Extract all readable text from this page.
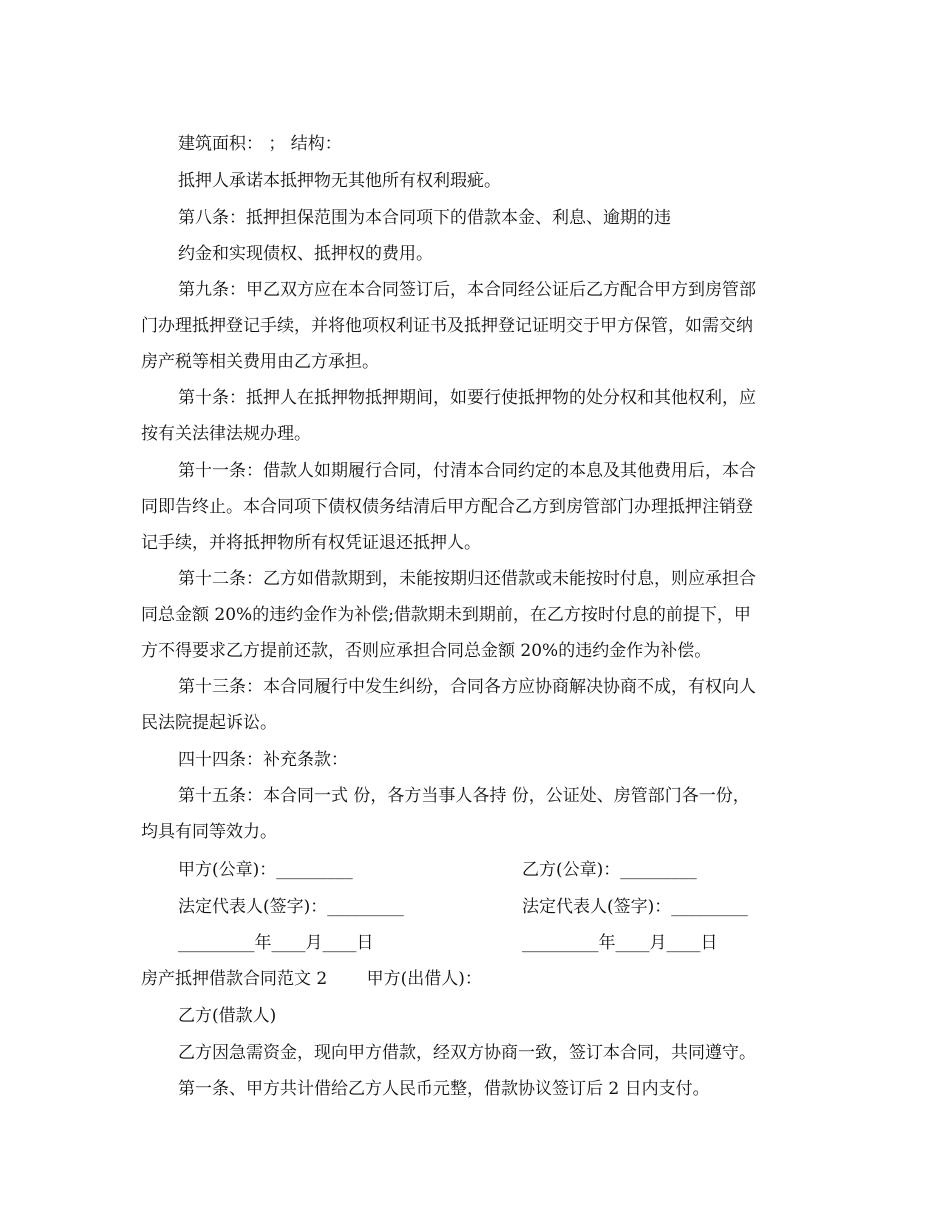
建筑面积： ； 结构：
抵押人承诺本抵押物无其他所有权利瑕疵。
第八条：抵押担保范围为本合同项下的借款本金、利息、逾期的违
约金和实现债权、抵押权的费用。
第九条：甲乙双方应在本合同签订后，本合同经公证后乙方配合甲方到房管部
门办理抵押登记手续，并将他项权利证书及抵押登记证明交于甲方保管，如需交纳
房产税等相关费用由乙方承担。
第十条：抵押人在抵押物抵押期间，如要行使抵押物的处分权和其他权利，应
按有关法律法规办理。
第十一条：借款人如期履行合同，付清本合同约定的本息及其他费用后，本合
同即告终止。本合同项下债权债务结清后甲方配合乙方到房管部门办理抵押注销登
记手续，并将抵押物所有权凭证退还抵押人。
第十二条：乙方如借款期到，未能按期归还借款或未能按时付息，则应承担合
同总金额 20%的违约金作为补偿;借款期未到期前，在乙方按时付息的前提下，甲
方不得要求乙方提前还款，否则应承担合同总金额 20%的违约金作为补偿。
第十三条：本合同履行中发生纠纷，合同各方应协商解决协商不成，有权向人
民法院提起诉讼。
四十四条：补充条款：
第十五条：本合同一式 份，各方当事人各持 份，公证处、房管部门各一份，
均具有同等效力。
甲方(公章)：_________	乙方(公章)：_________
法定代表人(签字)：_________	法定代表人(签字)：_________
_________年____月____日	_________年____月____日
房产抵押借款合同范文 2　　 甲方(出借人)：
乙方(借款人)
乙方因急需资金，现向甲方借款，经双方协商一致，签订本合同，共同遵守。
第一条、甲方共计借给乙方人民币元整，借款协议签订后 2 日内支付。
